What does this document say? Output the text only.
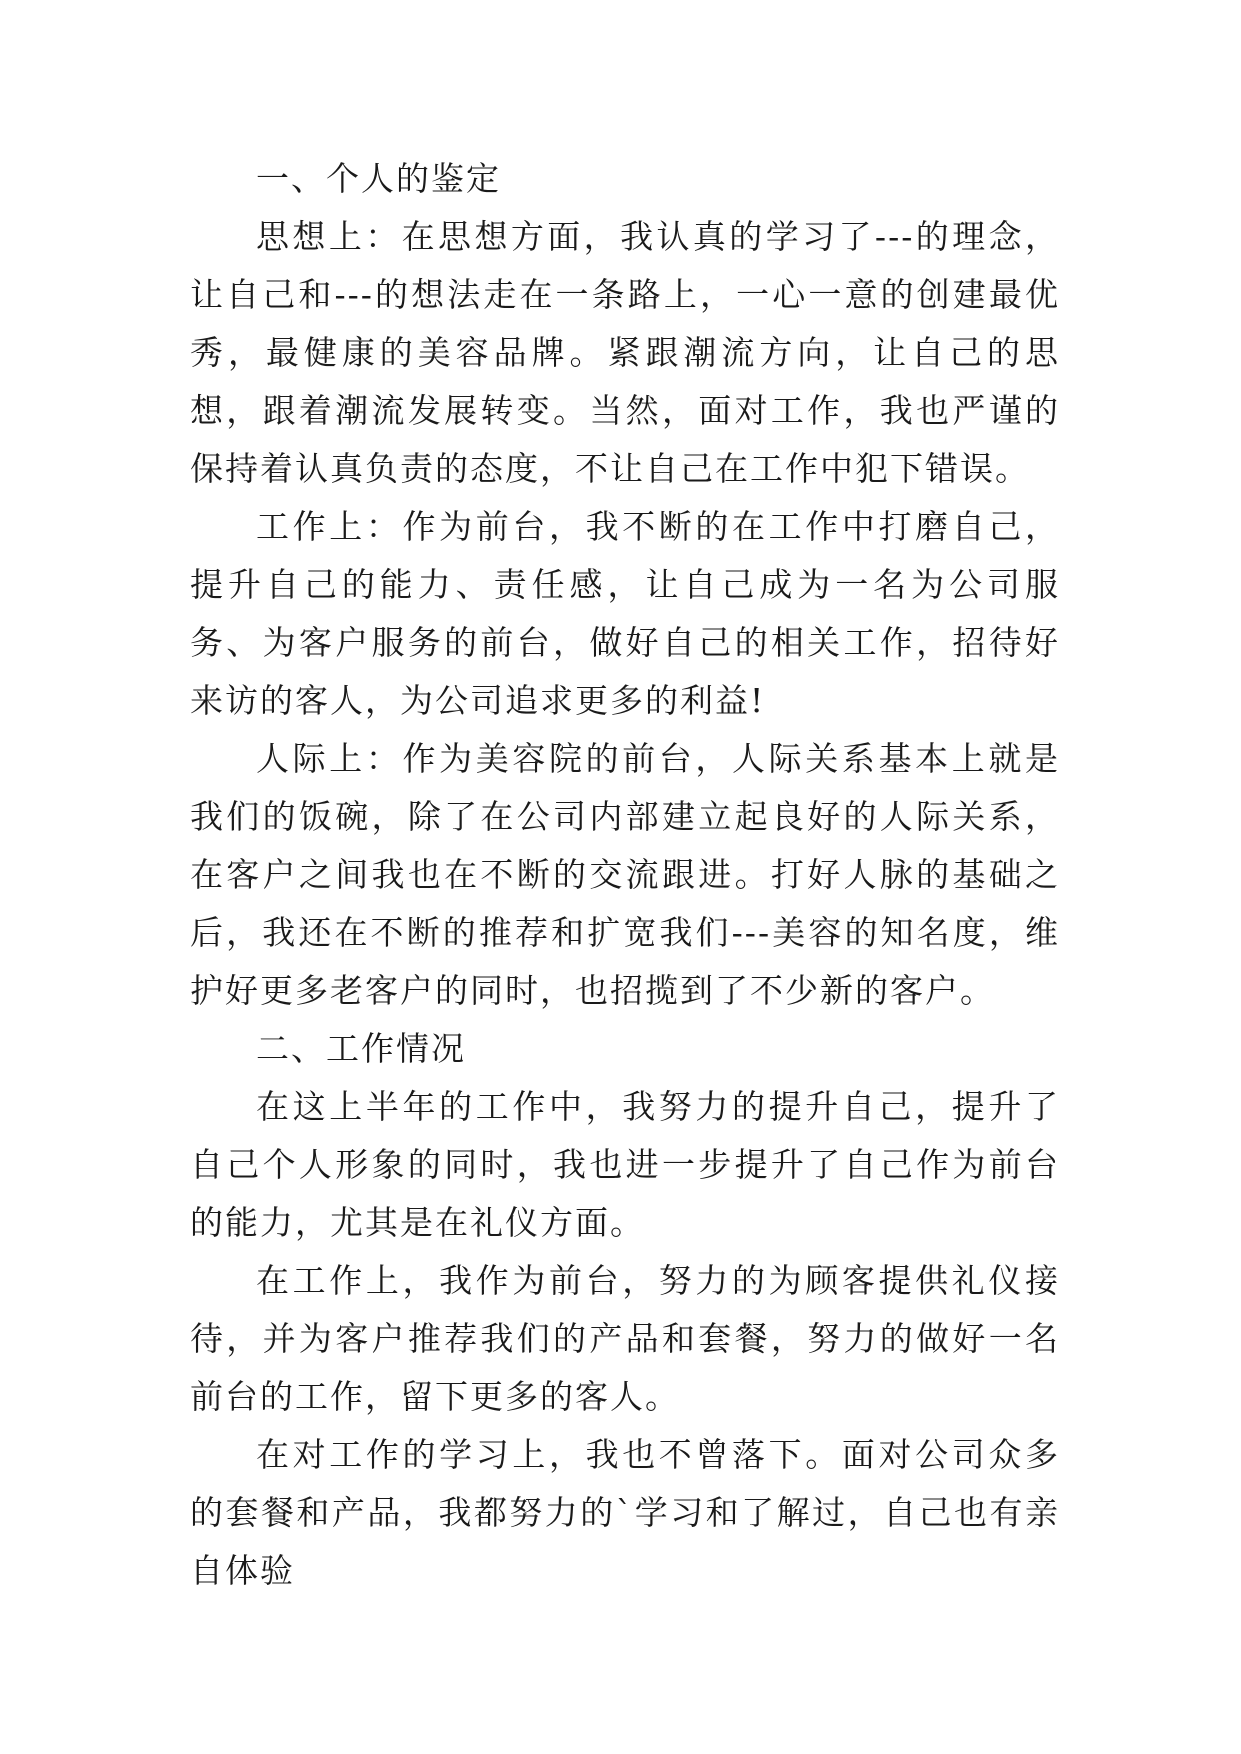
一、个人的鉴定

思想上：在思想方面，我认真的学习了---的理念，让自己和---的想法走在一条路上，一心一意的创建最优秀，最健康的美容品牌。紧跟潮流方向，让自己的思想，跟着潮流发展转变。当然，面对工作，我也严谨的保持着认真负责的态度，不让自己在工作中犯下错误。

工作上：作为前台，我不断的在工作中打磨自己，提升自己的能力、责任感，让自己成为一名为公司服务、为客户服务的前台，做好自己的相关工作，招待好来访的客人，为公司追求更多的利益!

人际上：作为美容院的前台，人际关系基本上就是我们的饭碗，除了在公司内部建立起良好的人际关系，在客户之间我也在不断的交流跟进。打好人脉的基础之后，我还在不断的推荐和扩宽我们---美容的知名度，维护好更多老客户的同时，也招揽到了不少新的客户。

二、工作情况

在这上半年的工作中，我努力的提升自己，提升了自己个人形象的同时，我也进一步提升了自己作为前台的能力，尤其是在礼仪方面。

在工作上，我作为前台，努力的为顾客提供礼仪接待，并为客户推荐我们的产品和套餐，努力的做好一名前台的工作，留下更多的客人。

在对工作的学习上，我也不曾落下。面对公司众多的套餐和产品，我都努力的`学习和了解过，自己也有亲自体验
